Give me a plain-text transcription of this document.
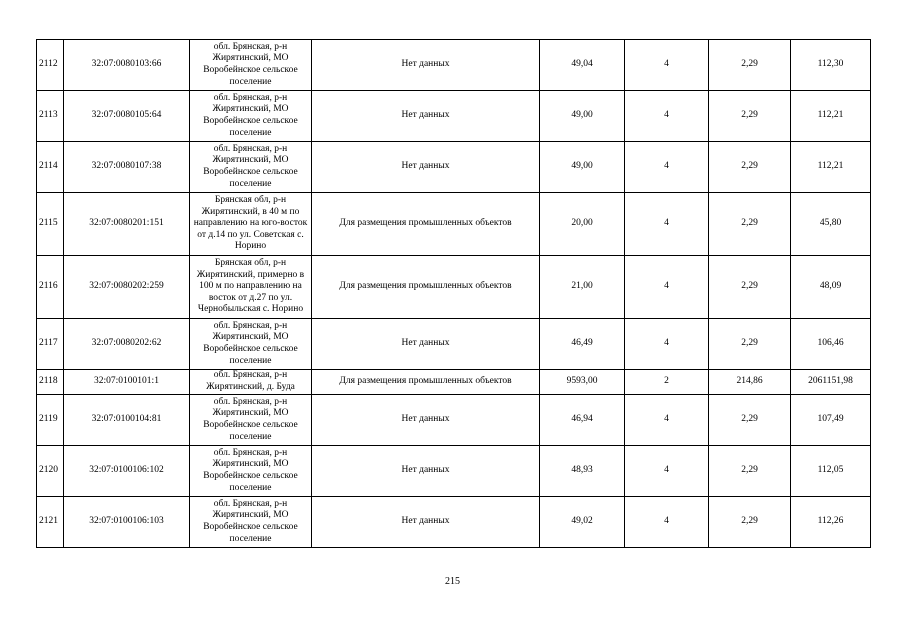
2112	32:07:0080103:66	обл. Брянская, р-н Жирятинский, МО Воробейнское сельское поселение	Нет данных	49,04	4	2,29	112,30
2113	32:07:0080105:64	обл. Брянская, р-н Жирятинский, МО Воробейнское сельское поселение	Нет данных	49,00	4	2,29	112,21
2114	32:07:0080107:38	обл. Брянская, р-н Жирятинский, МО Воробейнское сельское поселение	Нет данных	49,00	4	2,29	112,21
2115	32:07:0080201:151	Брянская обл, р-н Жирятинский, в 40 м по направлению на юго-восток от д.14 по ул. Советская с. Норино	Для размещения промышленных объектов	20,00	4	2,29	45,80
2116	32:07:0080202:259	Брянская обл, р-н Жирятинский, примерно в 100 м по направлению на восток от д.27 по ул. Чернобыльская с. Норино	Для размещения промышленных объектов	21,00	4	2,29	48,09
2117	32:07:0080202:62	обл. Брянская, р-н Жирятинский, МО Воробейнское сельское поселение	Нет данных	46,49	4	2,29	106,46
2118	32:07:0100101:1	обл. Брянская, р-н Жирятинский, д. Буда	Для размещения промышленных объектов	9593,00	2	214,86	2061151,98
2119	32:07:0100104:81	обл. Брянская, р-н Жирятинский, МО Воробейнское сельское поселение	Нет данных	46,94	4	2,29	107,49
2120	32:07:0100106:102	обл. Брянская, р-н Жирятинский, МО Воробейнское сельское поселение	Нет данных	48,93	4	2,29	112,05
2121	32:07:0100106:103	обл. Брянская, р-н Жирятинский, МО Воробейнское сельское поселение	Нет данных	49,02	4	2,29	112,26
215
